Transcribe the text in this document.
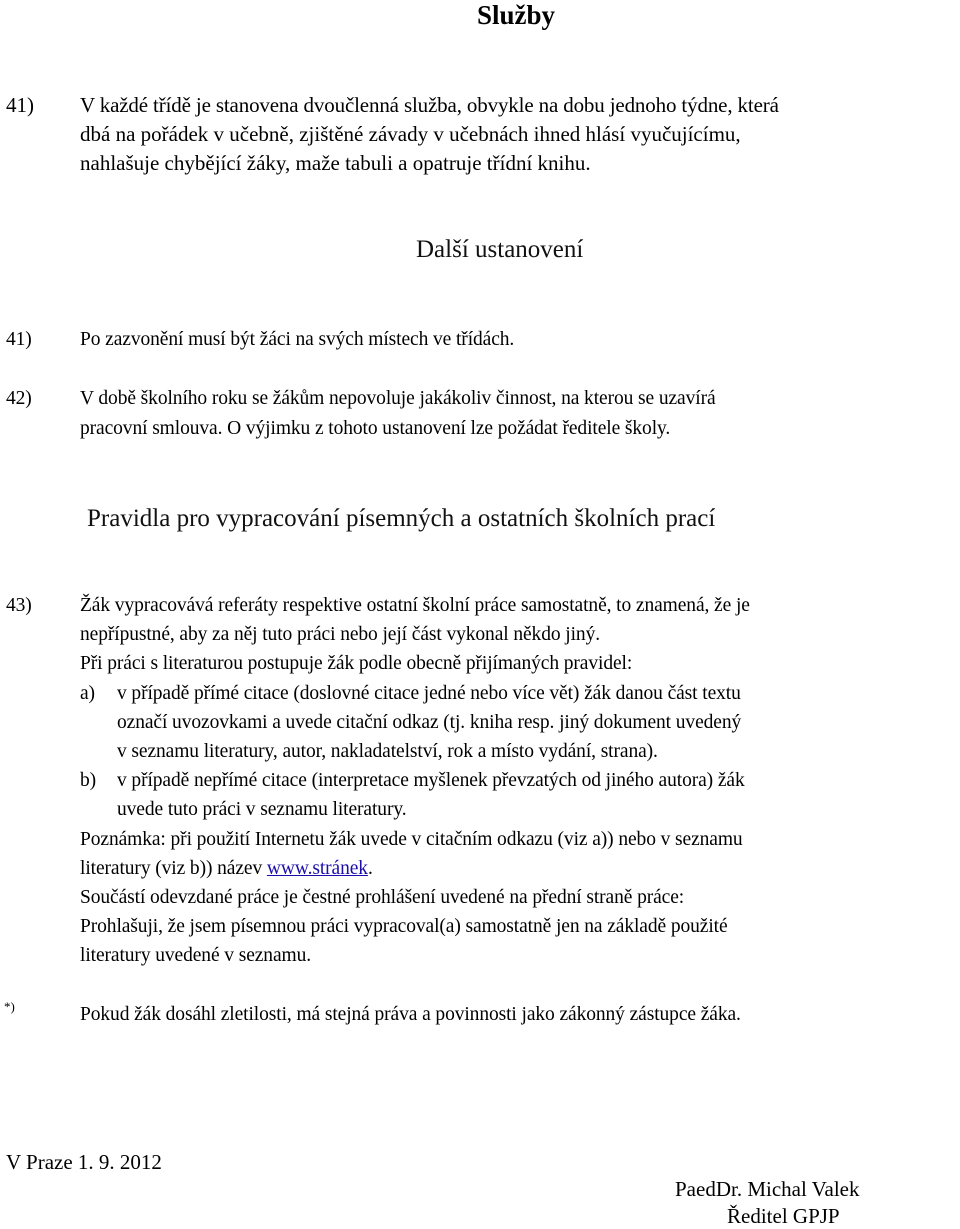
Služby
41) V každé třídě je stanovena dvoučlenná služba, obvykle na dobu jednoho týdne, která
dbá na pořádek v učebně, zjištěné závady v učebnách ihned hlásí vyučujícímu,
nahlašuje chybějící žáky, maže tabuli a opatruje třídní knihu.
Další ustanovení
41) Po zazvonění musí být žáci na svých místech ve třídách.
42) V době školního roku se žákům nepovoluje jakákoliv činnost, na kterou se uzavírá
pracovní smlouva. O výjimku z tohoto ustanovení lze požádat ředitele školy.
Pravidla pro vypracování písemných a ostatních školních prací
43) Žák vypracovává referáty respektive ostatní školní práce samostatně, to znamená, že je
nepřípustné, aby za něj tuto práci nebo její část vykonal někdo jiný.
Při práci s literaturou postupuje žák podle obecně přijímaných pravidel:
a) v případě přímé citace (doslovné citace jedné nebo více vět) žák danou část textu
označí uvozovkami a uvede citační odkaz (tj. kniha resp. jiný dokument uvedený
v seznamu literatury, autor, nakladatelství, rok a místo vydání, strana).
b) v případě nepřímé citace (interpretace myšlenek převzatých od jiného autora) žák
uvede tuto práci v seznamu literatury.
Poznámka: při použití Internetu žák uvede v citačním odkazu (viz a)) nebo v seznamu
literatury (viz b)) název www.stránek.
Součástí odevzdané práce je čestné prohlášení uvedené na přední straně práce:
Prohlašuji, že jsem písemnou práci vypracoval(a) samostatně jen na základě použité
literatury uvedené v seznamu.
*)	Pokud žák dosáhl zletilosti, má stejná práva a povinnosti jako zákonný zástupce žáka.
V Praze 1. 9. 2012
PaedDr. Michal Valek
Ředitel GPJP
